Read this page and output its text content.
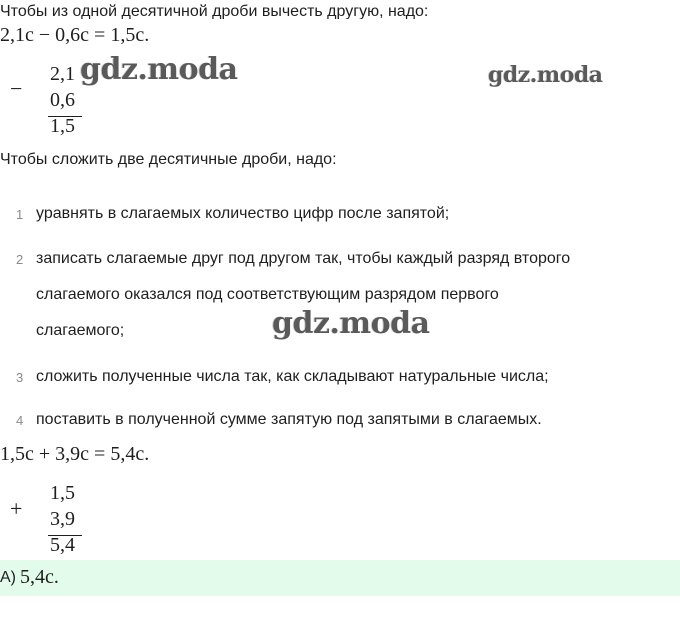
Чтобы из одной десятичной дроби вычесть другую, надо:
2,1c − 0,6c = 1,5c.
−
2,1
0,6
1,5
gdz.moda	gdz.moda
Чтобы сложить две десятичные дроби, надо:
1 уравнять в слагаемых количество цифр после запятой;
2 записать слагаемые друг под другом так, чтобы каждый разряд второго
слагаемого оказался под соответствующим разрядом первого
слагаемого;	gdz.moda
3 сложить полученные числа так, как складывают натуральные числа;
4 поставить в полученной сумме запятую под запятыми в слагаемых.
1,5c + 3,9c = 5,4c.
+
1,5
3,9
5,4
А) 5,4c.
